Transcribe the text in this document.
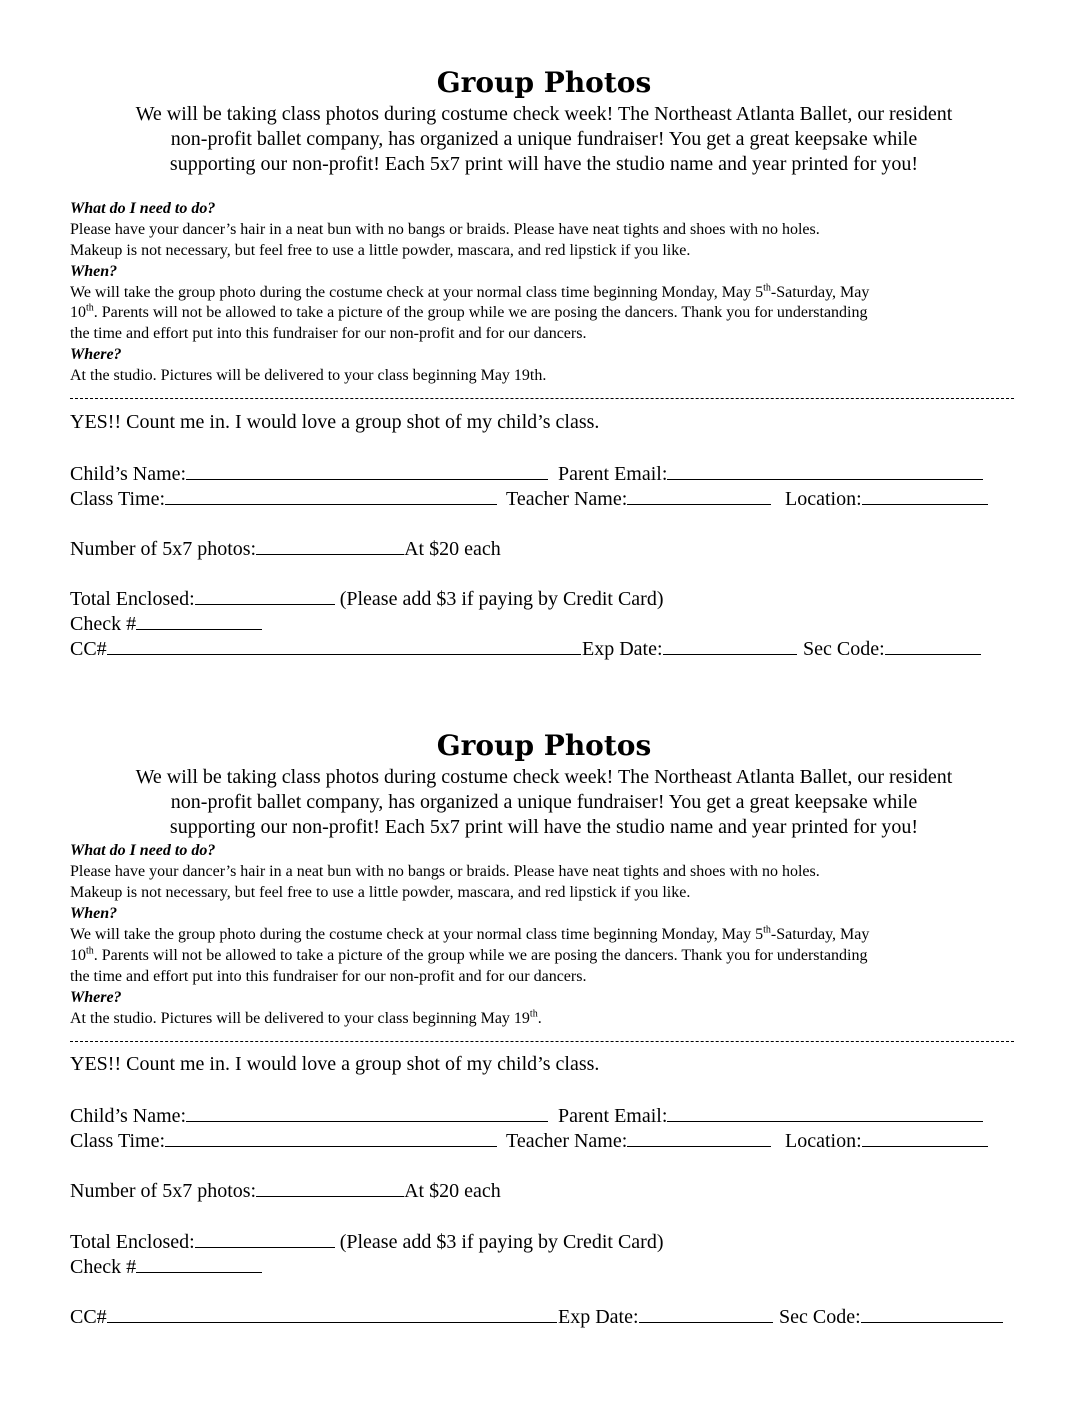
Group Photos
We will be taking class photos during costume check week! The Northeast Atlanta Ballet, our resident
non-profit ballet company, has organized a unique fundraiser! You get a great keepsake while
supporting our non-profit! Each 5x7 print will have the studio name and year printed for you!
What do I need to do?
Please have your dancer’s hair in a neat bun with no bangs or braids. Please have neat tights and shoes with no holes.
Makeup is not necessary, but feel free to use a little powder, mascara, and red lipstick if you like.
When?
We will take the group photo during the costume check at your normal class time beginning Monday, May 5th-Saturday, May
10th. Parents will not be allowed to take a picture of the group while we are posing the dancers. Thank you for understanding
the time and effort put into this fundraiser for our non-profit and for our dancers.
Where?
At the studio. Pictures will be delivered to your class beginning May 19th.
YES!! Count me in. I would love a group shot of my child’s class.
Child’s Name:	Parent Email:
Class Time:	Teacher Name:	Location:
Number of 5x7 photos:	At $20 each
Total Enclosed:	(Please add $3 if paying by Credit Card)
Check #
CC#	Exp Date:	Sec Code:
Group Photos
We will be taking class photos during costume check week! The Northeast Atlanta Ballet, our resident
non-profit ballet company, has organized a unique fundraiser! You get a great keepsake while
supporting our non-profit! Each 5x7 print will have the studio name and year printed for you!
What do I need to do?
Please have your dancer’s hair in a neat bun with no bangs or braids. Please have neat tights and shoes with no holes.
Makeup is not necessary, but feel free to use a little powder, mascara, and red lipstick if you like.
When?
We will take the group photo during the costume check at your normal class time beginning Monday, May 5th-Saturday, May
10th. Parents will not be allowed to take a picture of the group while we are posing the dancers. Thank you for understanding
the time and effort put into this fundraiser for our non-profit and for our dancers.
Where?
At the studio. Pictures will be delivered to your class beginning May 19th.
YES!! Count me in. I would love a group shot of my child’s class.
Child’s Name:	Parent Email:
Class Time:	Teacher Name:	Location:
Number of 5x7 photos:	At $20 each
Total Enclosed:	(Please add $3 if paying by Credit Card)
Check #
CC#	Exp Date:	Sec Code:
